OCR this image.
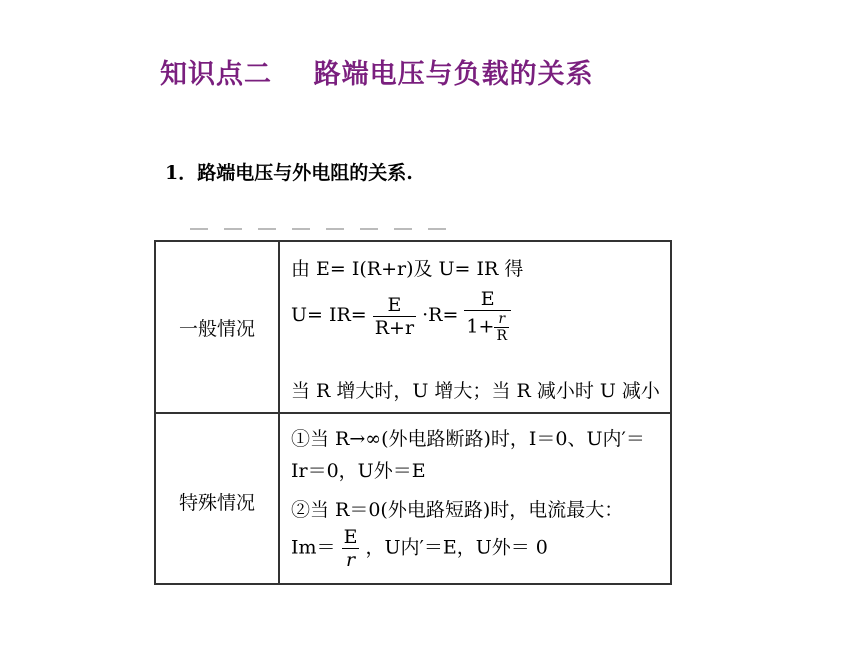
知识点二    路端电压与负载的关系
1．路端电压与外电阻的关系.
一般情况
由 E= I(R+r)及 U= IR 得
$U= IR= \frac{E}{R+r} \cdot R= \frac{E}{1+ \frac{r}{R}}$
当 R 增大时，U 增大；当 R 减小时 U 减小
特殊情况
①当 R→∞(外电路断路)时，I＝0、U内′＝
Ir＝0，U外＝E
②当 R＝0(外电路短路)时，电流最大：
$Im= \frac{E}{r}$ ，U内′＝E，U外＝ 0
